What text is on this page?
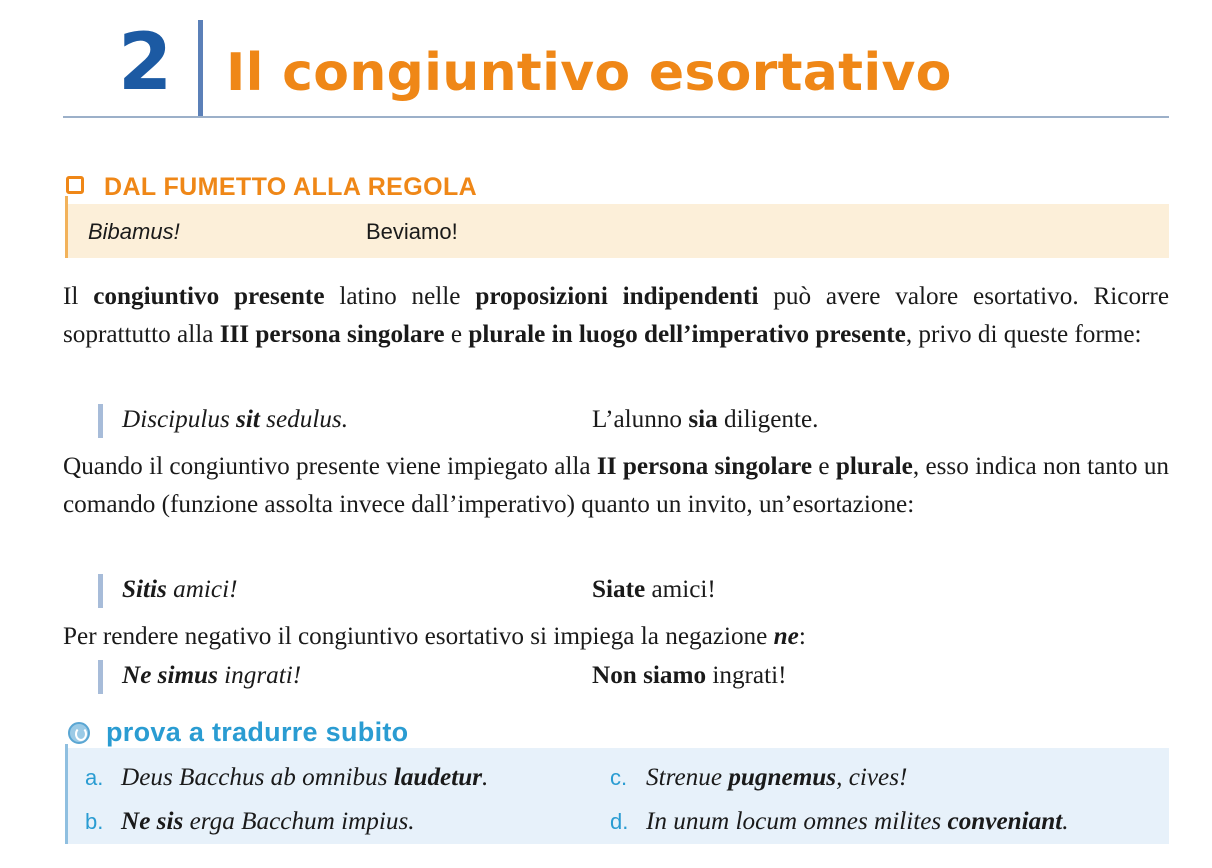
2 Il congiuntivo esortativo
DAL FUMETTO ALLA REGOLA
Bibamus!	Beviamo!

Il congiuntivo presente latino nelle proposizioni indipendenti può avere valore esortativo. Ricorre soprattutto alla III persona singolare e plurale in luogo dell’imperativo presente, privo di queste forme:

Discipulus sit sedulus.	L’alunno sia diligente.

Quando il congiuntivo presente viene impiegato alla II persona singolare e plurale, esso indica non tanto un comando (funzione assolta invece dall’imperativo) quanto un invito, un’esortazione:

Sitis amici!	Siate amici!

Per rendere negativo il congiuntivo esortativo si impiega la negazione ne:

Ne simus ingrati!	Non siamo ingrati!
prova a tradurre subito
a. Deus Bacchus ab omnibus laudetur.
b. Ne sis erga Bacchum impius.
c. Strenue pugnemus, cives!
d. In unum locum omnes milites conveniant.
